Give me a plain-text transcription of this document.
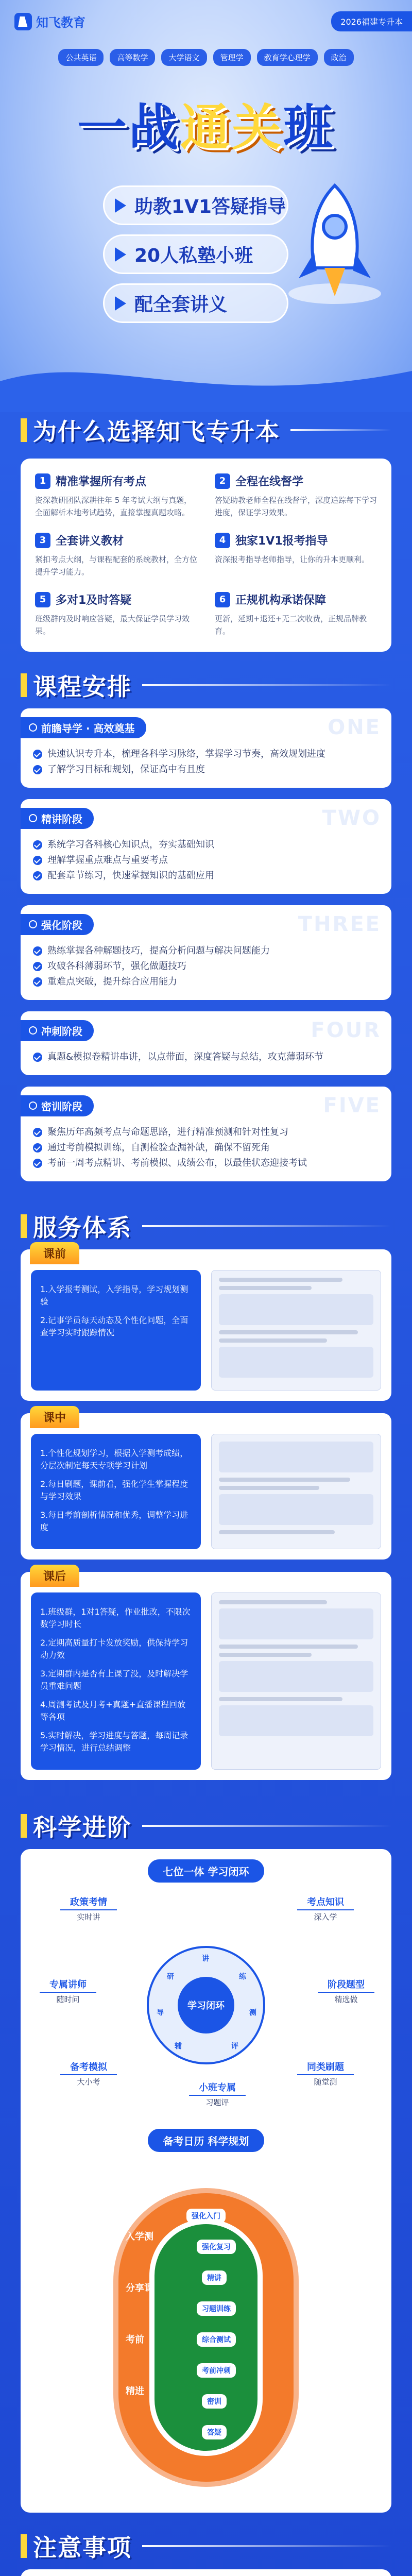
知飞教育	2026福建专升本
公共英语	高等数学	大学语文	管理学	教育学心理学	政治
一战 通关 班
助教1V1答疑指导
20人私塾小班
配全套讲义
为什么选择知飞专升本
1 精准掌握所有考点

资深教研团队深耕往年 5 年考试大纲与真题，全面解析本地考试趋势，直接掌握真题攻略。

2 全程在线督学

答疑助教老师全程在线督学，深度追踪每下学习进度，保证学习效果。

3 全套讲义教材

紧扣考点大纲，与课程配套的系统教材，全方位提升学习能力。

4 独家1V1报考指导

资深报考指导老师指导，让你的升本更顺利。

5 多对1及时答疑

班级群内及时响应答疑，最大保证学员学习效果。

6 正规机构承诺保障

更新，延期+退还+无二次收费，正规品牌教育。

课程安排
前瞻导学 · 高效奠基	ONE
快速认识专升本，梳理各科学习脉络，掌握学习节奏，高效规划进度
了解学习目标和规划，保证高中有且度
精讲阶段	TWO
系统学习各科核心知识点，夯实基础知识
理解掌握重点难点与重要考点
配套章节练习，快速掌握知识的基础应用
强化阶段	THREE
熟练掌握各种解题技巧，提高分析问题与解决问题能力
攻破各科薄弱环节，强化做题技巧
重难点突破，提升综合应用能力
冲刺阶段	FOUR
真题&模拟卷精讲串讲，以点带面，深度答疑与总结，攻克薄弱环节
密训阶段	FIVE
聚焦历年高频考点与命题思路，进行精准预测和针对性复习
通过考前模拟训练，自测检验查漏补缺，确保不留死角
考前一周考点精讲、考前模拟、成绩公布，以最佳状态迎接考试
服务体系
课前

1.入学报考测试，入学指导，学习规划测验

2.记事学员每天动态及个性化问题，全面查学习实时跟踪情况

课中

1.个性化规划学习，根据入学测考成绩，分层次制定每天专项学习计划

2.每日刷题，课前看，强化学生掌握程度与学习效果

3.每日考前剖析情况和优秀，调整学习进度

课后

1.班级群，1对1答疑，作业批改，不限次数学习时长

2.定期高质量打卡发放奖励，供保持学习动力效

3.定期群内是否有上课了没，及时解决学员重难问题

4.周测考试及月考+真题+直播课程回放等各项

5.实时解决，学习进度与答题，每周记录学习情况，进行总结调整

科学进阶
七位一体 学习闭环
学习闭环
讲
练
测
评
辅
导
研
政策考情
实时讲
考点知识
深入学
专属讲师
随时问
阶段题型
精选做
备考模拟
大小考
小班专属
习题评
同类刷题
随堂测
备考日历 科学规划
强化入门
强化复习
精讲
习题训练
综合测试
考前冲刺
密训
答疑
入学测
分享课
考前
精进
冲刺
模考
密训
注意事项
